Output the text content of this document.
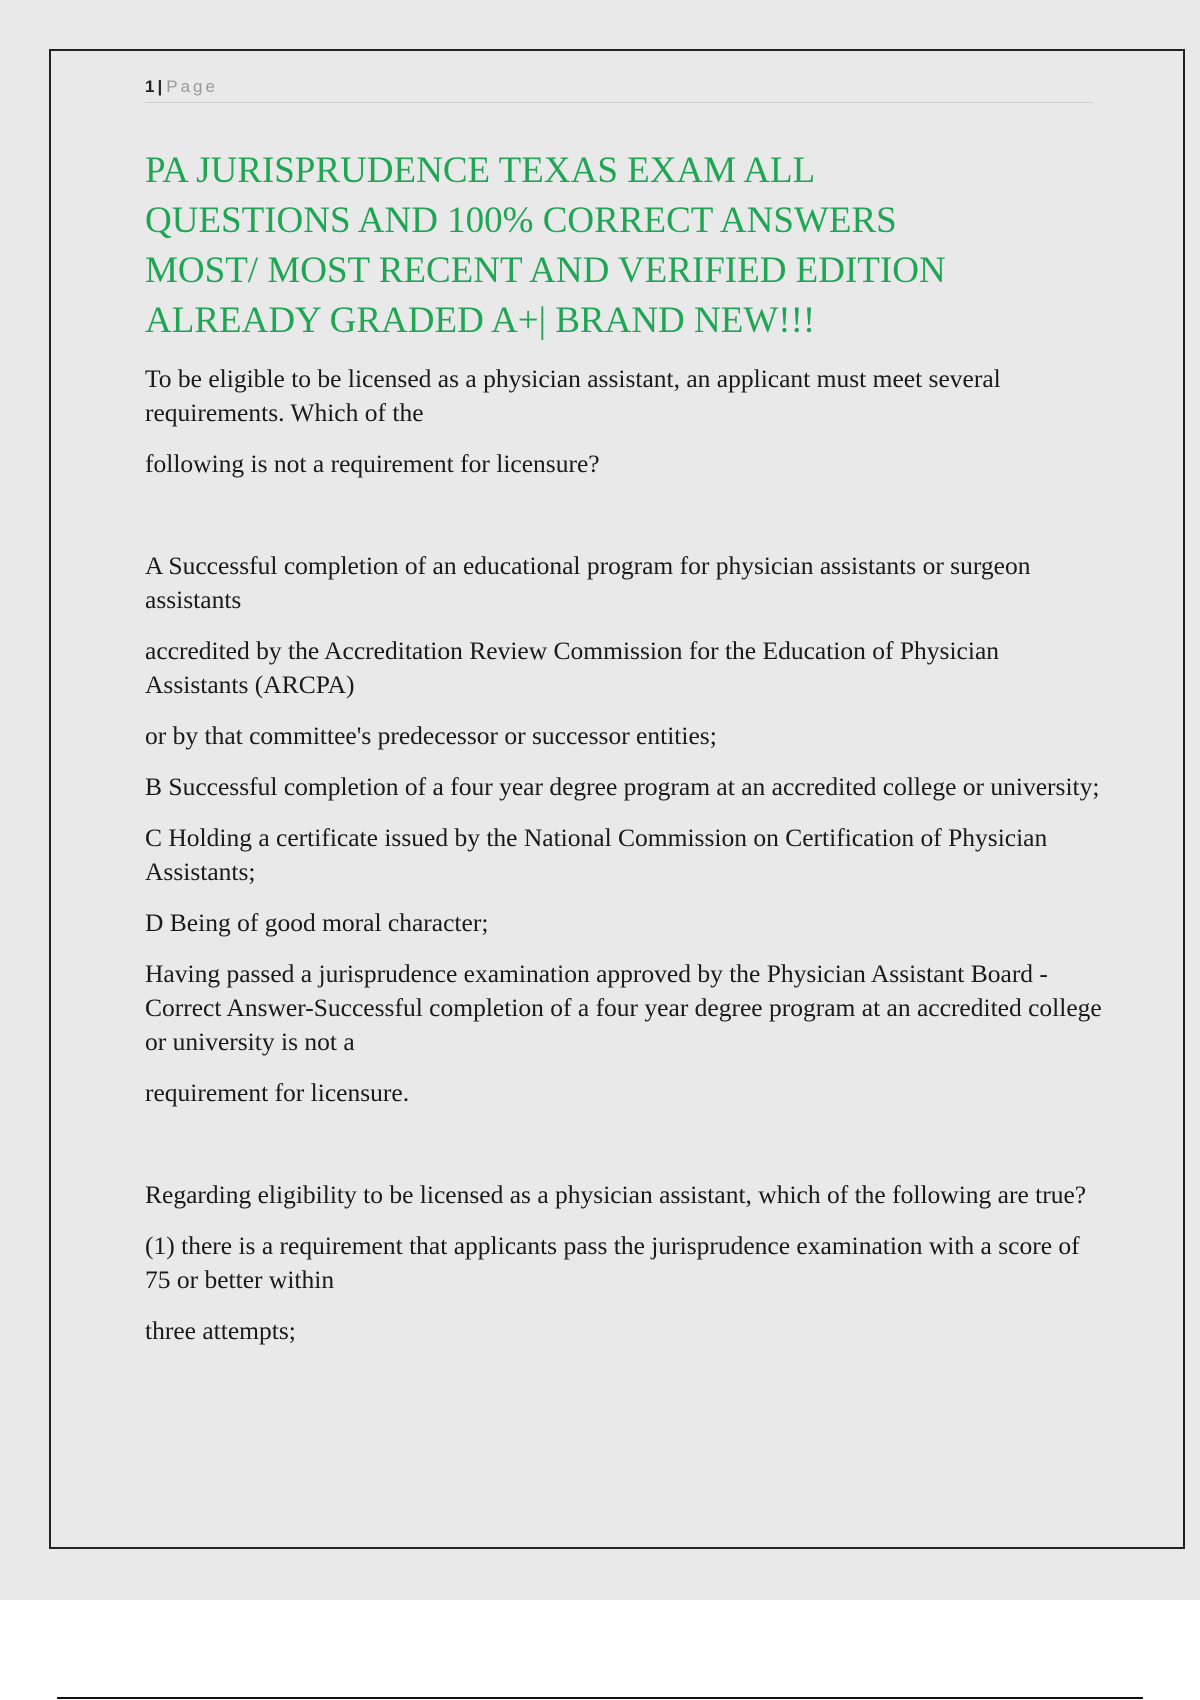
1 | Page
PA JURISPRUDENCE TEXAS EXAM ALL
QUESTIONS AND 100% CORRECT ANSWERS
MOST/ MOST RECENT AND VERIFIED EDITION
ALREADY GRADED A+| BRAND NEW!!!

To be eligible to be licensed as a physician assistant, an applicant must meet several requirements. Which of the

following is not a requirement for licensure?

A Successful completion of an educational program for physician assistants or surgeon assistants

accredited by the Accreditation Review Commission for the Education of Physician Assistants (ARCPA)

or by that committee's predecessor or successor entities;

B Successful completion of a four year degree program at an accredited college or university;

C Holding a certificate issued by the National Commission on Certification of Physician Assistants;

D Being of good moral character;

Having passed a jurisprudence examination approved by the Physician Assistant Board - Correct Answer-Successful completion of a four year degree program at an accredited college or university is not a

requirement for licensure.

Regarding eligibility to be licensed as a physician assistant, which of the following are true?

(1) there is a requirement that applicants pass the jurisprudence examination with a score of 75 or better within

three attempts;
